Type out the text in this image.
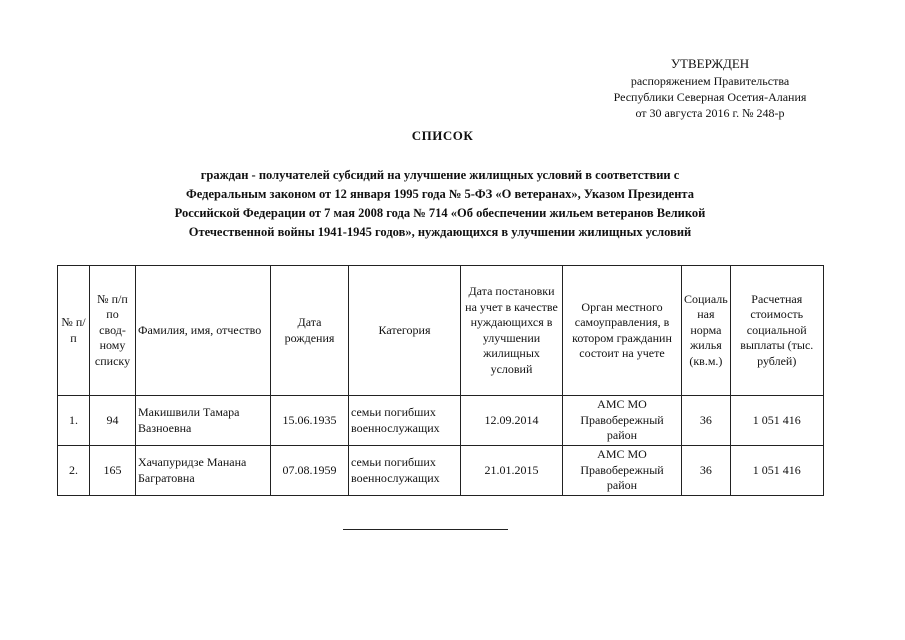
УТВЕРЖДЕН
распоряжением Правительства
Республики Северная Осетия-Алания
от 30 августа 2016 г. № 248-р
СПИСОК
граждан - получателей субсидий на улучшение жилищных условий в соответствии с
Федеральным законом от 12 января 1995 года № 5-ФЗ «О ветеранах», Указом Президента
Российской Федерации от 7 мая 2008 года № 714 «Об обеспечении жильем ветеранов Великой
Отечественной войны 1941-1945 годов», нуждающихся в улучшении жилищных условий
№ п/п	№ п/п по свод-ному списку	Фамилия, имя, отчество	Дата рождения	Категория	Дата постановки на учет в качестве нуждающихся в улучшении жилищных условий	Орган местного самоуправления, в котором гражданин состоит на учете	Социаль ная норма жилья (кв.м.)	Расчетная стоимость социальной выплаты (тыс. рублей)
1.	94	Макишвили Тамара Вазноевна	15.06.1935	семьи погибших военнослужащих	12.09.2014	АМС МО Правобережный район	36	1 051 416
2.	165	Хачапуридзе Манана Багратовна	07.08.1959	семьи погибших военнослужащих	21.01.2015	АМС МО Правобережный район	36	1 051 416
